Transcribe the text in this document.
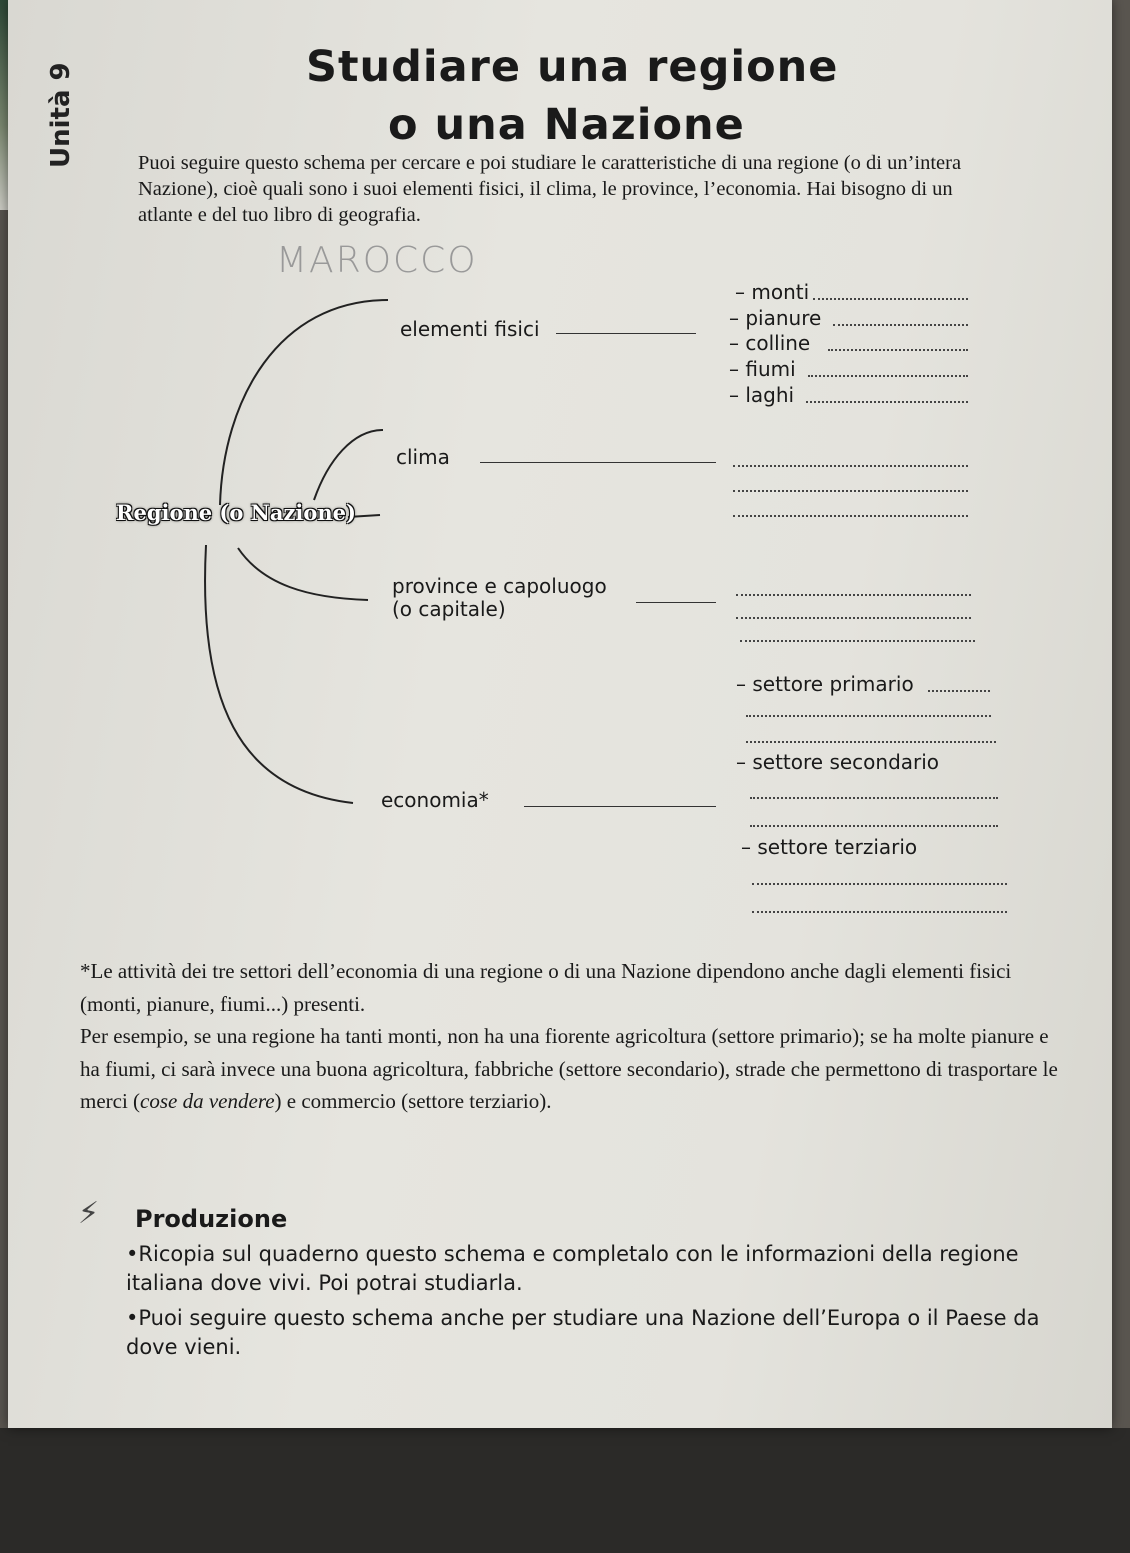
Unità 9	Studiare una regione
o una Nazione
Puoi seguire questo schema per cercare e poi studiare le caratteristiche di una regione (o di un’intera Nazione), cioè quali sono i suoi elementi fisici, il clima, le province, l’economia. Hai bisogno di un atlante e del tuo libro di geografia.
MAROCCO
Regione (o Nazione)
elementi fisici
– monti
– pianure
– colline
– fiumi
– laghi
clima
province e capoluogo
(o capitale)
– settore primario
– settore secondario
economia*
– settore terziario
*Le attività dei tre settori dell’economia di una regione o di una Nazione dipendono anche dagli elementi fisici (monti, pianure, fiumi...) presenti.
Per esempio, se una regione ha tanti monti, non ha una fiorente agricoltura (settore primario); se ha molte pianure e ha fiumi, ci sarà invece una buona agricoltura, fabbriche (settore secondario), strade che permettono di trasportare le merci (cose da vendere) e commercio (settore terziario).
⚡ Produzione
•Ricopia sul quaderno questo schema e completalo con le informazioni della regione italiana dove vivi. Poi potrai studiarla.
•Puoi seguire questo schema anche per studiare una Nazione dell’Europa o il Paese da dove vieni.
